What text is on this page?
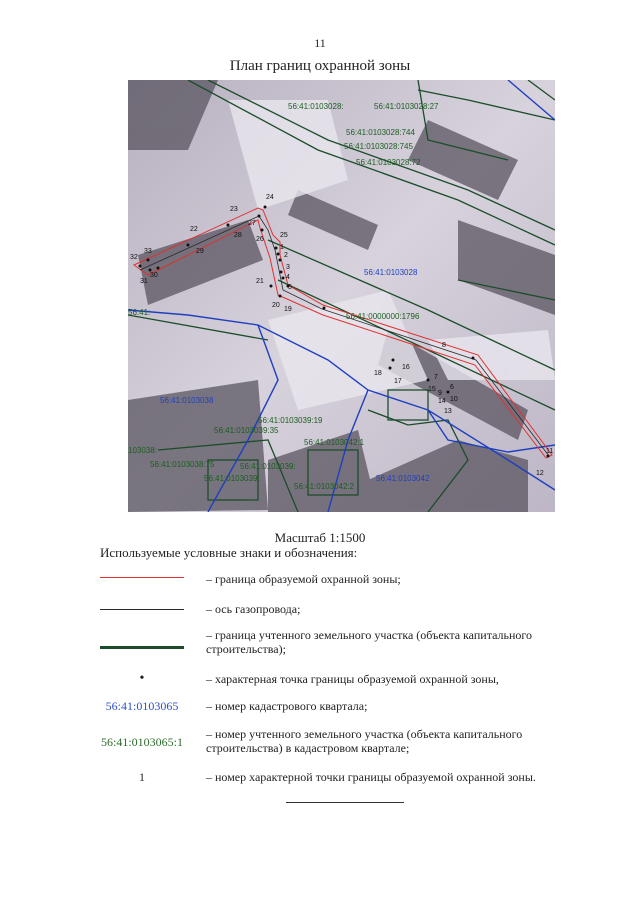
11
План границ охранной зоны
56:41:0103028:	56:41:0103028:27
56:41:0103028:744
56:41:0103028:745
56:41:0103028:72
56:41:0103028
56:41:0000000:1796
56:41:0103038
56:41:0103039:19
56:41:0103039:35
56:41:0103042:1
103038:
56:41:0103038:75	56:41:0103039:
56:41:0103039:
56:41:0103042:2
56:41:0103042
56:41:
1
2
3
4
5
6
7
8
9
10
11
12
13
14
15
16
17
18
19
20
21
22
23
24
25
26
27
28
29
30
31
32
33
Масштаб 1:1500
Используемые условные знаки и обозначения:
– граница образуемой охранной зоны;
– ось газопровода;
– граница учтенного земельного участка (объекта капитального строительства);
•	– характерная точка границы образуемой охранной зоны,
56:41:0103065	– номер кадастрового квартала;
56:41:0103065:1
– номер учтенного земельного участка (объекта капитального строительства) в кадастровом квартале;
1	– номер характерной точки границы образуемой охранной зоны.
